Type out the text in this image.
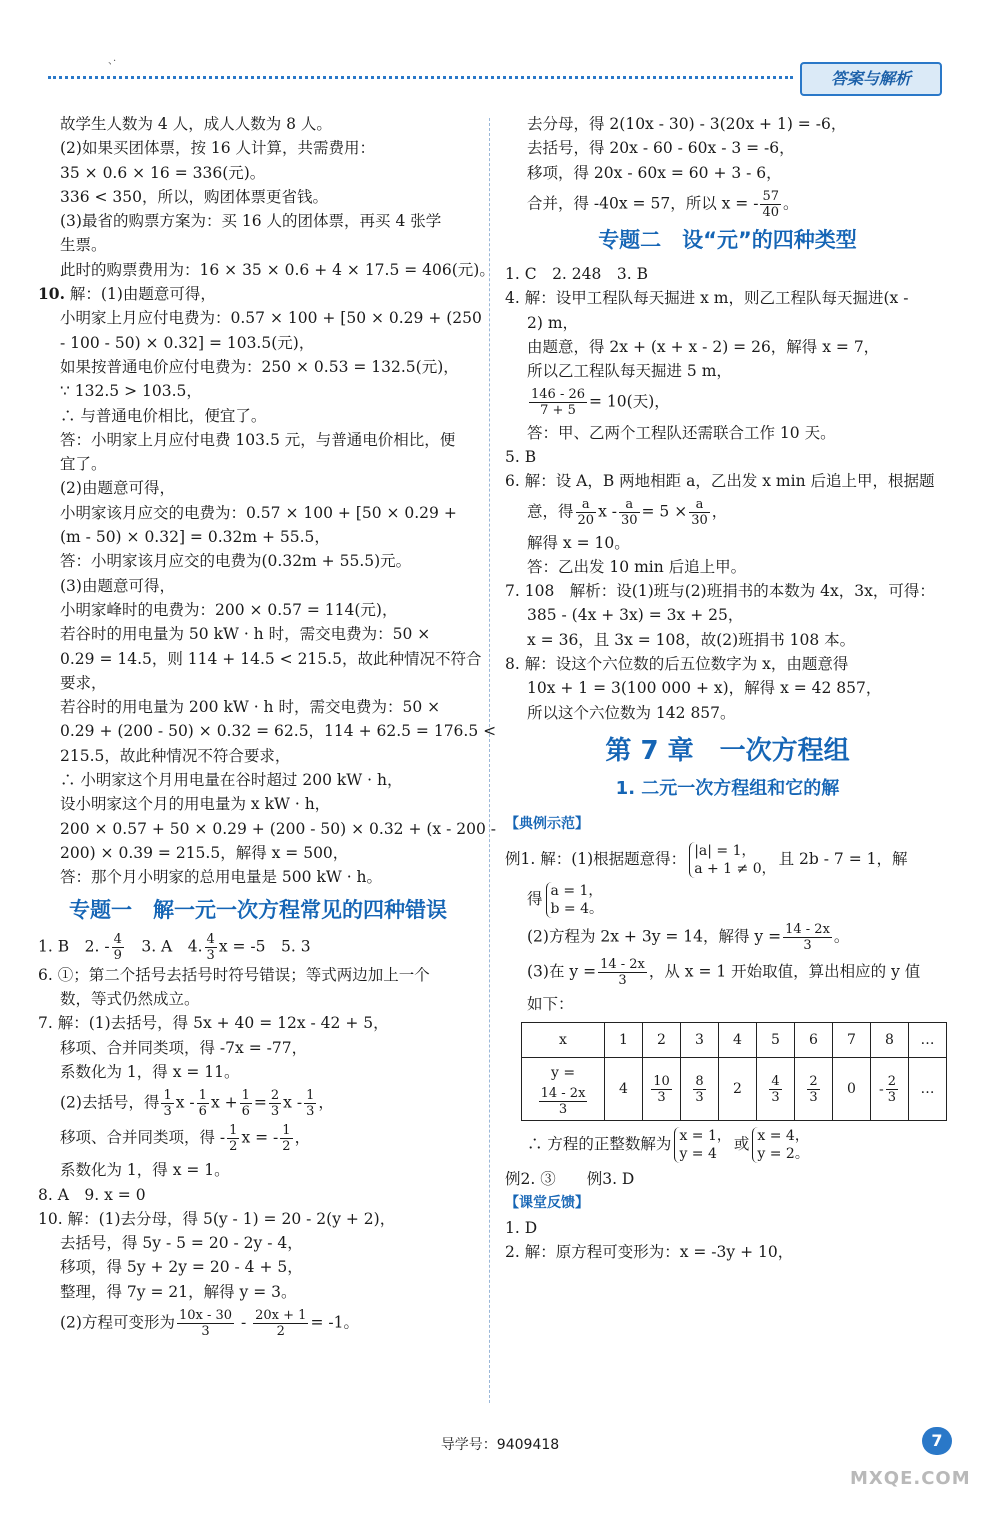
、·
答案与解析
故学生人数为 4 人，成人人数为 8 人。
(2)如果买团体票，按 16 人计算，共需费用：
35 × 0.6 × 16 = 336(元)。
336 < 350，所以，购团体票更省钱。
(3)最省的购票方案为：买 16 人的团体票，再买 4 张学
生票。
此时的购票费用为：16 × 35 × 0.6 + 4 × 17.5 = 406(元)。
10. 解：(1)由题意可得，
小明家上月应付电费为：0.57 × 100 + [50 × 0.29 + (250
- 100 - 50) × 0.32] = 103.5(元)，
如果按普通电价应付电费为：250 × 0.53 = 132.5(元)，
∵ 132.5 > 103.5，
∴ 与普通电价相比，便宜了。
答：小明家上月应付电费 103.5 元，与普通电价相比，便
宜了。
(2)由题意可得，
小明家该月应交的电费为：0.57 × 100 + [50 × 0.29 +
(m - 50) × 0.32] = 0.32m + 55.5，
答：小明家该月应交的电费为(0.32m + 55.5)元。
(3)由题意可得，
小明家峰时的电费为：200 × 0.57 = 114(元)，
若谷时的用电量为 50 kW · h 时，需交电费为：50 ×
0.29 = 14.5，则 114 + 14.5 < 215.5，故此种情况不符合
要求，
若谷时的用电量为 200 kW · h 时，需交电费为：50 ×
0.29 + (200 - 50) × 0.32 = 62.5，114 + 62.5 = 176.5 <
215.5，故此种情况不符合要求，
∴ 小明家这个月用电量在谷时超过 200 kW · h，
设小明家这个月的用电量为 x kW · h，
200 × 0.57 + 50 × 0.29 + (200 - 50) × 0.32 + (x - 200 -
200) × 0.39 = 215.5，解得 x = 500，
答：那个月小明家的总用电量是 500 kW · h。
专题一　解一元一次方程常见的四种错误
1. B　2. - $\frac{4}{9}$ 　3. A　4. $\frac{4}{3}$ x = -5　5. 3
6. ①；第二个括号去括号时符号错误；等式两边加上一个
数，等式仍然成立。
7. 解：(1)去括号，得 5x + 40 = 12x - 42 + 5，
移项、合并同类项，得 -7x = -77，
系数化为 1，得 x = 11。
(2)去括号，得 $\frac{1}{3}$ x - $\frac{1}{6}$ $x + \frac{1}{6} = \frac{2}{3}$ x - $\frac{1}{3}$ ，
移项、合并同类项，得 - $\frac{1}{2}$ x = - $\frac{1}{2}$ ，
系数化为 1，得 x = 1。
8. A　9. x = 0
10. 解：(1)去分母，得 5(y - 1) = 20 - 2(y + 2)，
去括号，得 5y - 5 = 20 - 2y - 4，
移项，得 5y + 2y = 20 - 4 + 5，
整理，得 7y = 21，解得 y = 3。
(2)方程可变形为 $\frac{10x - 30}{3} - \frac{20x + 1}{2} = -1$。
去分母，得 2(10x - 30) - 3(20x + 1) = -6，
去括号，得 20x - 60 - 60x - 3 = -6，
移项，得 20x - 60x = 60 + 3 - 6，
合并，得 -40x = 57，所以 x = - $\frac{57}{40}$ 。
专题二　设“元”的四种类型
1. C　2. 248　3. B
4. 解：设甲工程队每天掘进 x m，则乙工程队每天掘进(x -
2) m，
由题意，得 2x + (x + x - 2) = 26，解得 x = 7，
所以乙工程队每天掘进 5 m，
$\frac{146 - 26}{7 + 5} = 10$(天)，
答：甲、乙两个工程队还需联合工作 10 天。
5. B
6. 解：设 A，B 两地相距 a，乙出发 x min 后追上甲，根据题
意，得 $\frac{a}{20}$ $x - \frac{a}{30} = 5 \times \frac{a}{30}$ ，
解得 x = 10。
答：乙出发 10 min 后追上甲。
7. 108　解析：设(1)班与(2)班捐书的本数为 4x，3x，可得：
385 - (4x + 3x) = 3x + 25，
x = 36，且 3x = 108，故(2)班捐书 108 本。
8. 解：设这个六位数的后五位数字为 x，由题意得
10x + 1 = 3(100 000 + x)，解得 x = 42 857，
所以这个六位数为 142 857。
第 7 章　一次方程组
1. 二元一次方程组和它的解
【典例示范】
例1. 解：(1)根据题意得： |a| = 1，
a + 1 ≠ 0，
且 2b - 7 = 1，解
得 a = 1，
b = 4。
(2)方程为 2x + 3y = 14，解得 $y = \frac{14 - 2x}{3}$ 。
(3)在 $y = \frac{14 - 2x}{3}$ ，从 x = 1 开始取值，算出相应的 y 值
如下：
x	1	2	3	4	5	6	7	8	…
y =
$\frac{14 - 2x}{3}$	4	$\frac{10}{3}$	$\frac{8}{3}$	2	$\frac{4}{3}$	$\frac{2}{3}$	0	- $\frac{2}{3}$	…
∴ 方程的正整数解为 x = 1，
y = 4
或 x = 4，
y = 2。
例2. ③　　例3. D
【课堂反馈】
1. D
2. 解：原方程可变形为：x = -3y + 10，
导学号：9409418	7
MXQE.COM
